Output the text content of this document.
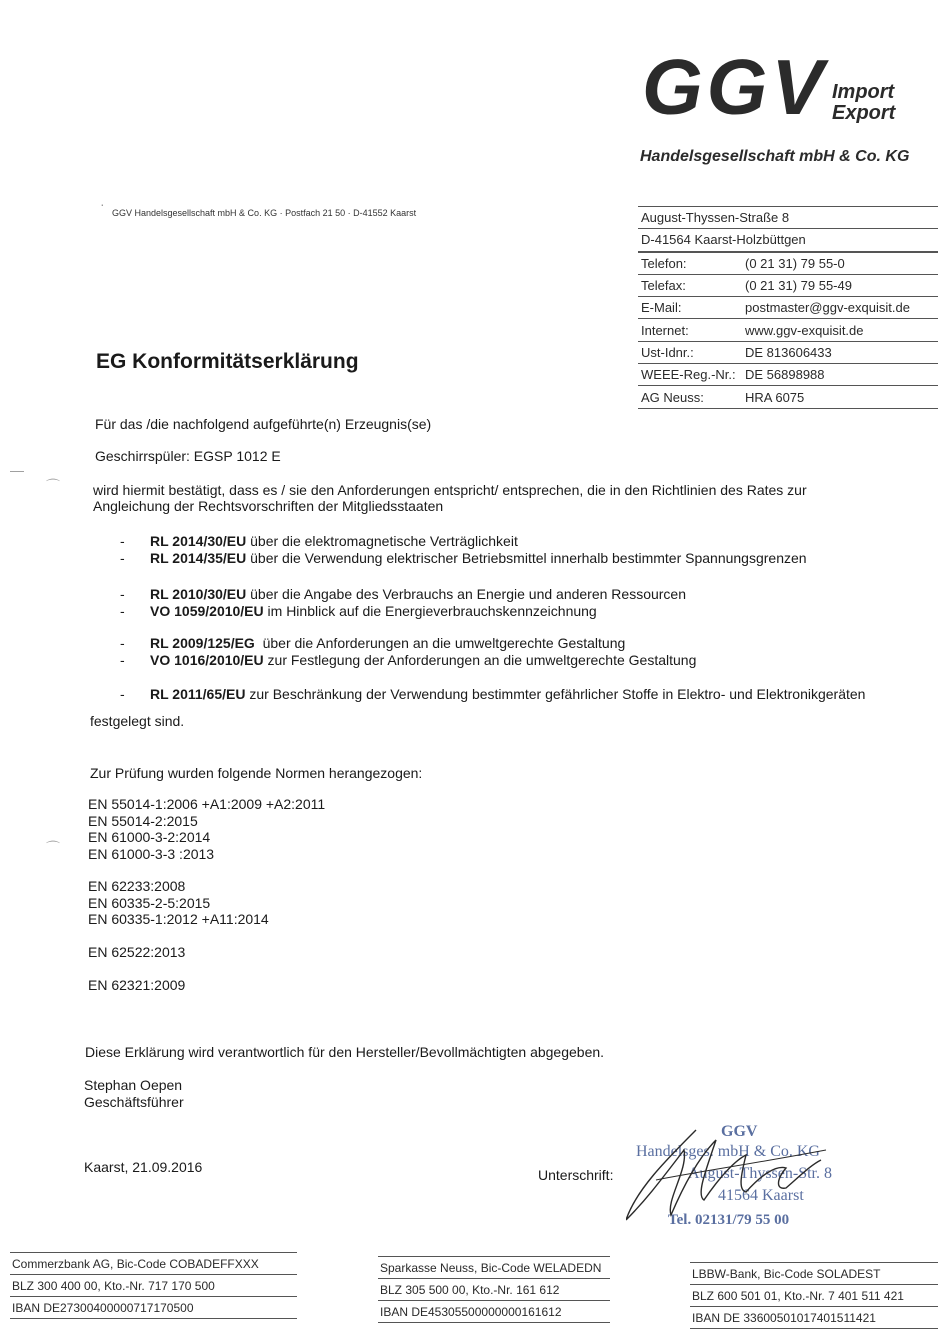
GGV Import
Export
Handelsgesellschaft mbH & Co. KG
·
—
⌒
⌒
GGV Handelsgesellschaft mbH & Co. KG · Postfach 21 50 · D-41552 Kaarst	August-Thyssen-Straße 8
D-41564 Kaarst-Holzbüttgen
Telefon:	(0 21 31) 79 55-0
Telefax:	(0 21 31) 79 55-49
E-Mail:	postmaster@ggv-exquisit.de
Internet:	www.ggv-exquisit.de
Ust-Idnr.:	DE 813606433
WEEE-Reg.-Nr.: DE 56898988
AG Neuss:	HRA 6075
EG Konformitätserklärung
Für das /die nachfolgend aufgeführte(n) Erzeugnis(se)
Geschirrspüler: EGSP 1012 E
wird hiermit bestätigt, dass es / sie den Anforderungen entspricht/ entsprechen, die in den Richtlinien des Rates zur
Angleichung der Rechtsvorschriften der Mitgliedsstaaten
-	RL 2014/30/EU über die elektromagnetische Verträglichkeit
-	RL 2014/35/EU über die Verwendung elektrischer Betriebsmittel innerhalb bestimmter Spannungsgrenzen
-	RL 2010/30/EU über die Angabe des Verbrauchs an Energie und anderen Ressourcen
-	VO 1059/2010/EU im Hinblick auf die Energieverbrauchskennzeichnung
-	RL 2009/125/EG über die Anforderungen an die umweltgerechte Gestaltung
-	VO 1016/2010/EU zur Festlegung der Anforderungen an die umweltgerechte Gestaltung
-	RL 2011/65/EU zur Beschränkung der Verwendung bestimmter gefährlicher Stoffe in Elektro- und Elektronikgeräten
festgelegt sind.
Zur Prüfung wurden folgende Normen herangezogen:
EN 55014-1:2006 +A1:2009 +A2:2011
EN 55014-2:2015
EN 61000-3-2:2014
EN 61000-3-3 :2013
EN 62233:2008
EN 60335-2-5:2015
EN 60335-1:2012 +A11:2014
EN 62522:2013
EN 62321:2009
Diese Erklärung wird verantwortlich für den Hersteller/Bevollmächtigten abgegeben.
Stephan Oepen
Geschäftsführer
Kaarst, 21.09.2016	Unterschrift:
GGV
Handelsges. mbH & Co. KG
August-Thyssen-Str. 8
41564 Kaarst
Tel. 02131/79 55 00
Commerzbank AG, Bic-Code COBADEFFXXX
BLZ 300 400 00, Kto.-Nr. 717 170 500
IBAN DE27300400000717170500
Sparkasse Neuss, Bic-Code WELADEDN
BLZ 305 500 00, Kto.-Nr. 161 612
IBAN DE45305500000000161612
LBBW-Bank, Bic-Code SOLADEST
BLZ 600 501 01, Kto.-Nr. 7 401 511 421
IBAN DE 33600501017401511421
